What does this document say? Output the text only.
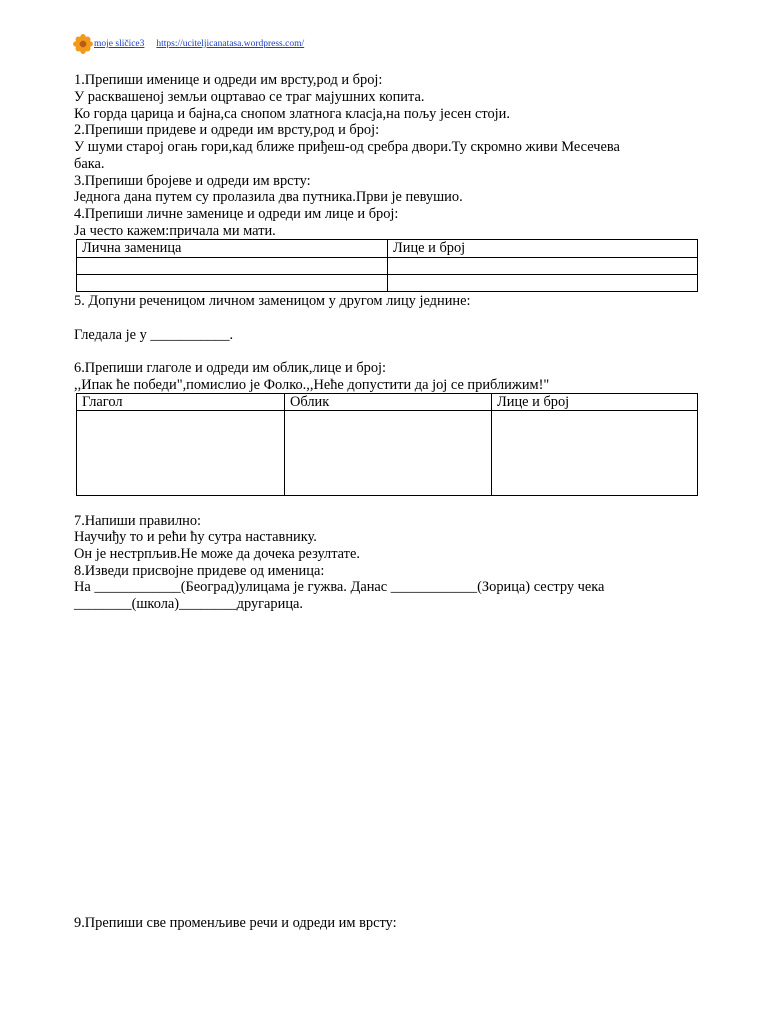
moje sličice3 https://uciteljicanatasa.wordpress.com/
1.Препиши именице и одреди им врсту,род и број:
У расквашеној земљи оцртавао се траг мајушних копита.
Ко горда царица и бајна,са снопом златнога класја,на пољу јесен стоји.
2.Препиши придеве и одреди им врсту,род и број:
У шуми старој огањ гори,кад ближе приђеш-од сребра двори.Ту скромно живи Месечева
бака.
3.Препиши бројеве и одреди им врсту:
Једнога дана путем су пролазила два путника.Први је певушио.
4.Препиши личне заменице и одреди им лице и број:
Ја често кажем:причала ми мати.
Лична заменица	Лице и број

5. Допуни реченицом личном заменицом у другом лицу једнине:
Гледала је у ___________.
6.Препиши глаголе и одреди им облик,лице и број:
,,Ипак ће победи",помислио је Фолко.,,Неће допустити да јој се приближим!"
Глагол	Облик	Лице и број

7.Напиши правилно:
Научиђу то и рећи ћу сутра наставнику.
Он је нестрпљив.Не може да дочека резултате.
8.Изведи присвојне придеве од именица:
На ____________(Београд)улицама је гужва. Данас ____________(Зорица) сестру чека
________(школа)________другарица.
9.Препиши све променљиве речи и одреди им врсту:
